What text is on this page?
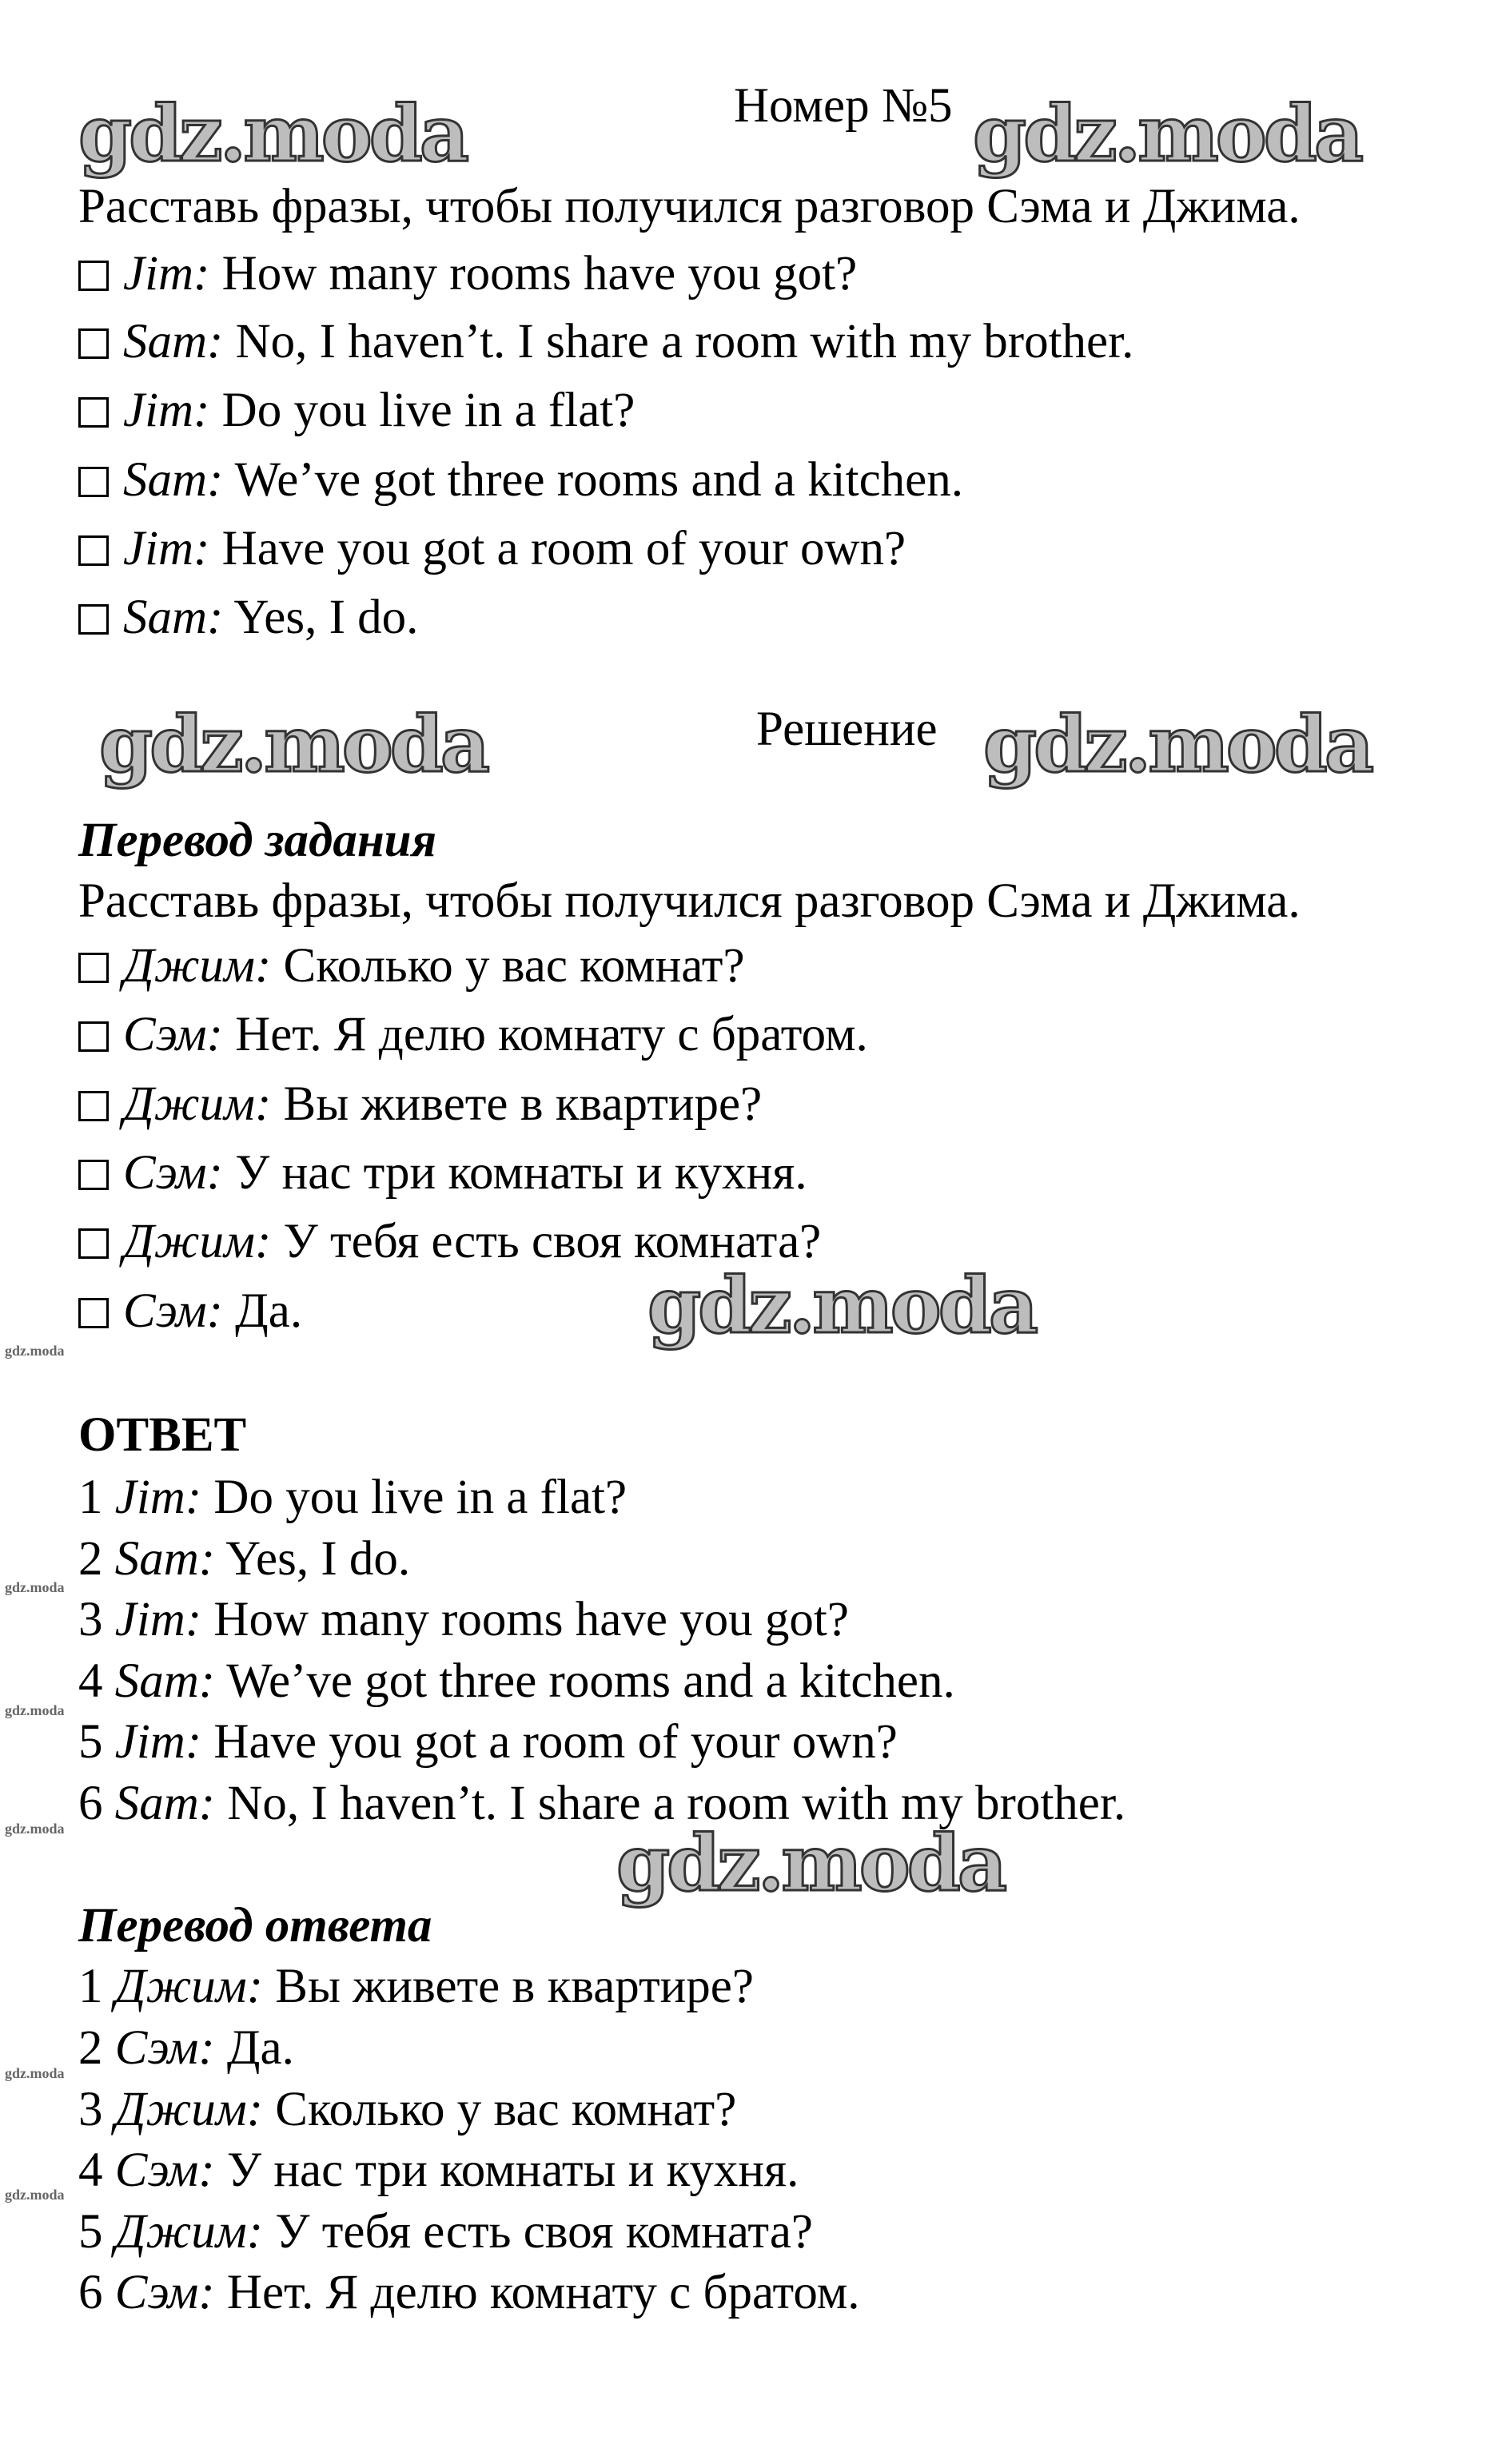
gdz.moda	gdz.moda
gdz.moda	gdz.moda
gdz.moda
gdz.moda
gdz.moda
gdz.moda
gdz.moda
gdz.moda
gdz.moda
gdz.moda
Номер №5
Расставь фразы, чтобы получился разговор Сэма и Джима.
Jim: How many rooms have you got?
Sam: No, I haven’t. I share a room with my brother.
Jim: Do you live in a flat?
Sam: We’ve got three rooms and a kitchen.
Jim: Have you got a room of your own?
Sam: Yes, I do.
Решение
Перевод задания
Расставь фразы, чтобы получился разговор Сэма и Джима.
Джим: Сколько у вас комнат?
Сэм: Нет. Я делю комнату с братом.
Джим: Вы живете в квартире?
Сэм: У нас три комнаты и кухня.
Джим: У тебя есть своя комната?
Сэм: Да.
ОТВЕТ
1 Jim: Do you live in a flat?
2 Sam: Yes, I do.
3 Jim: How many rooms have you got?
4 Sam: We’ve got three rooms and a kitchen.
5 Jim: Have you got a room of your own?
6 Sam: No, I haven’t. I share a room with my brother.
Перевод ответа
1 Джим: Вы живете в квартире?
2 Сэм: Да.
3 Джим: Сколько у вас комнат?
4 Сэм: У нас три комнаты и кухня.
5 Джим: У тебя есть своя комната?
6 Сэм: Нет. Я делю комнату с братом.
